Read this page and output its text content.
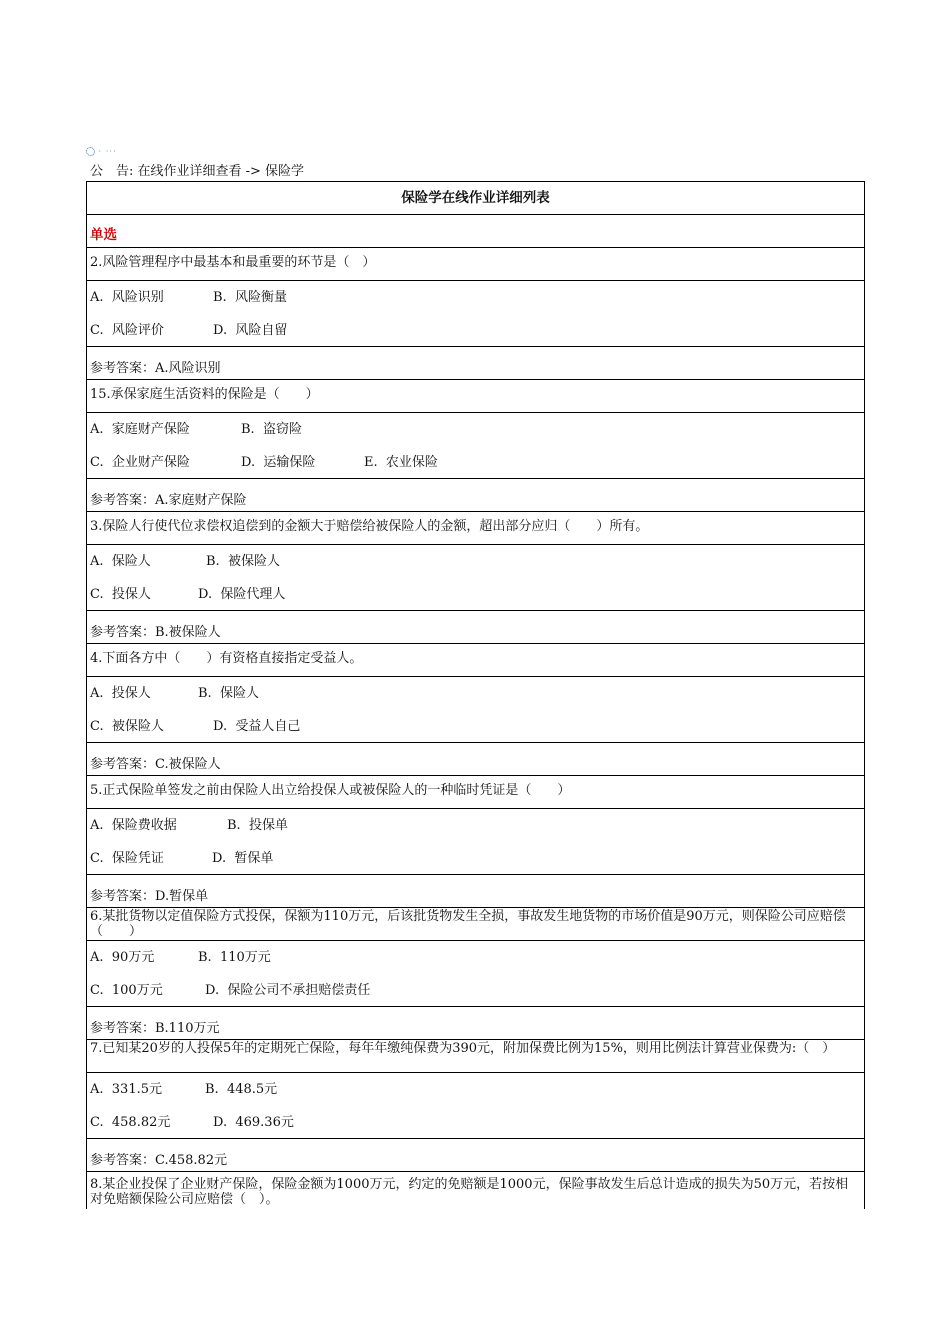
· ···
公　告: 在线作业详细查看 -> 保险学
保险学在线作业详细列表
单选
2.风险管理程序中最基本和最重要的环节是（　）
A.  风险识别	B.  风险衡量
C.  风险评价	D.  风险自留
参考答案：A.风险识别
15.承保家庭生活资料的保险是（　　）
A.  家庭财产保险	B.  盗窃险
C.  企业财产保险	D.  运输保险	E.  农业保险
参考答案：A.家庭财产保险
3.保险人行使代位求偿权追偿到的金额大于赔偿给被保险人的金额，超出部分应归（　　）所有。
A.  保险人	B.  被保险人
C.  投保人	D.  保险代理人
参考答案：B.被保险人
4.下面各方中（　　）有资格直接指定受益人。
A.  投保人	B.  保险人
C.  被保险人	D.  受益人自己
参考答案：C.被保险人
5.正式保险单签发之前由保险人出立给投保人或被保险人的一种临时凭证是（　　）
A.  保险费收据	B.  投保单
C.  保险凭证	D.  暂保单
参考答案：D.暂保单
6.某批货物以定值保险方式投保，保额为110万元，后该批货物发生全损，事故发生地货物的市场价值是90万元，则保险公司应赔偿（　　）
A.  90万元	B.  110万元
C.  100万元	D.  保险公司不承担赔偿责任
参考答案：B.110万元
7.已知某20岁的人投保5年的定期死亡保险，每年年缴纯保费为390元，附加保费比例为15%，则用比例法计算营业保费为:（　）
A.  331.5元	B.  448.5元
C.  458.82元	D.  469.36元
参考答案：C.458.82元
8.某企业投保了企业财产保险，保险金额为1000万元，约定的免赔额是1000元，保险事故发生后总计造成的损失为50万元，若按相对免赔额保险公司应赔偿（　）。
